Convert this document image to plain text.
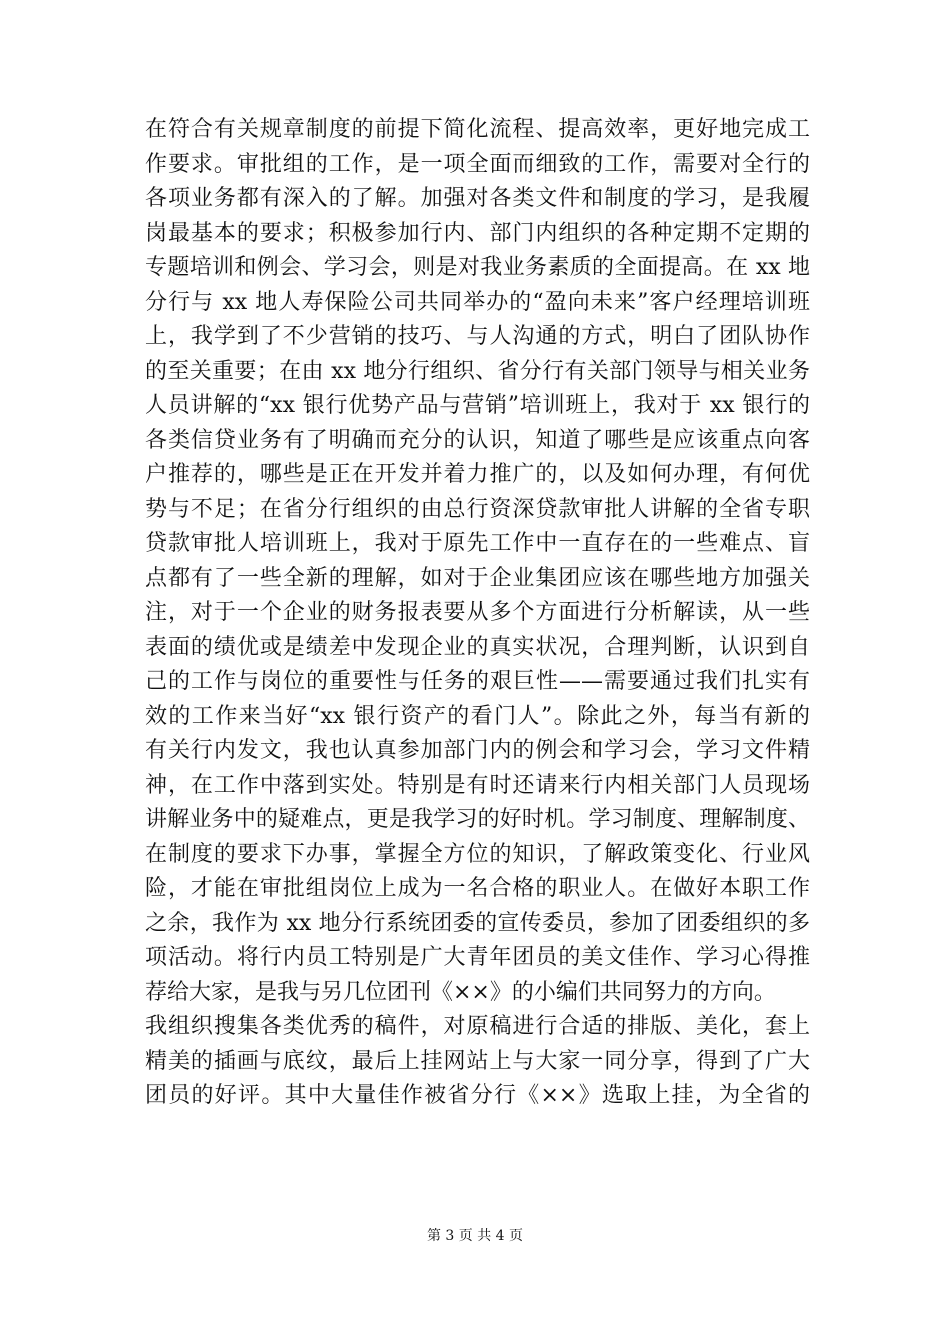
在符合有关规章制度的前提下简化流程、提高效率，更好地完成工
作要求。审批组的工作，是一项全面而细致的工作，需要对全行的
各项业务都有深入的了解。加强对各类文件和制度的学习，是我履
岗最基本的要求；积极参加行内、部门内组织的各种定期不定期的
专题培训和例会、学习会，则是对我业务素质的全面提高。在 xx 地
分行与 xx 地人寿保险公司共同举办的“盈向未来”客户经理培训班
上，我学到了不少营销的技巧、与人沟通的方式，明白了团队协作
的至关重要；在由 xx 地分行组织、省分行有关部门领导与相关业务
人员讲解的“xx 银行优势产品与营销”培训班上，我对于 xx 银行的
各类信贷业务有了明确而充分的认识，知道了哪些是应该重点向客
户推荐的，哪些是正在开发并着力推广的，以及如何办理，有何优
势与不足；在省分行组织的由总行资深贷款审批人讲解的全省专职
贷款审批人培训班上，我对于原先工作中一直存在的一些难点、盲
点都有了一些全新的理解，如对于企业集团应该在哪些地方加强关
注，对于一个企业的财务报表要从多个方面进行分析解读，从一些
表面的绩优或是绩差中发现企业的真实状况，合理判断，认识到自
己的工作与岗位的重要性与任务的艰巨性——需要通过我们扎实有
效的工作来当好“xx 银行资产的看门人”。除此之外，每当有新的
有关行内发文，我也认真参加部门内的例会和学习会，学习文件精
神，在工作中落到实处。特别是有时还请来行内相关部门人员现场
讲解业务中的疑难点，更是我学习的好时机。学习制度、理解制度、
在制度的要求下办事，掌握全方位的知识，了解政策变化、行业风
险，才能在审批组岗位上成为一名合格的职业人。在做好本职工作
之余，我作为 xx 地分行系统团委的宣传委员，参加了团委组织的多
项活动。将行内员工特别是广大青年团员的美文佳作、学习心得推
荐给大家，是我与另几位团刊《××》的小编们共同努力的方向。
我组织搜集各类优秀的稿件，对原稿进行合适的排版、美化，套上
精美的插画与底纹，最后上挂网站上与大家一同分享，得到了广大
团员的好评。其中大量佳作被省分行《××》选取上挂，为全省的
第 3 页 共 4 页
